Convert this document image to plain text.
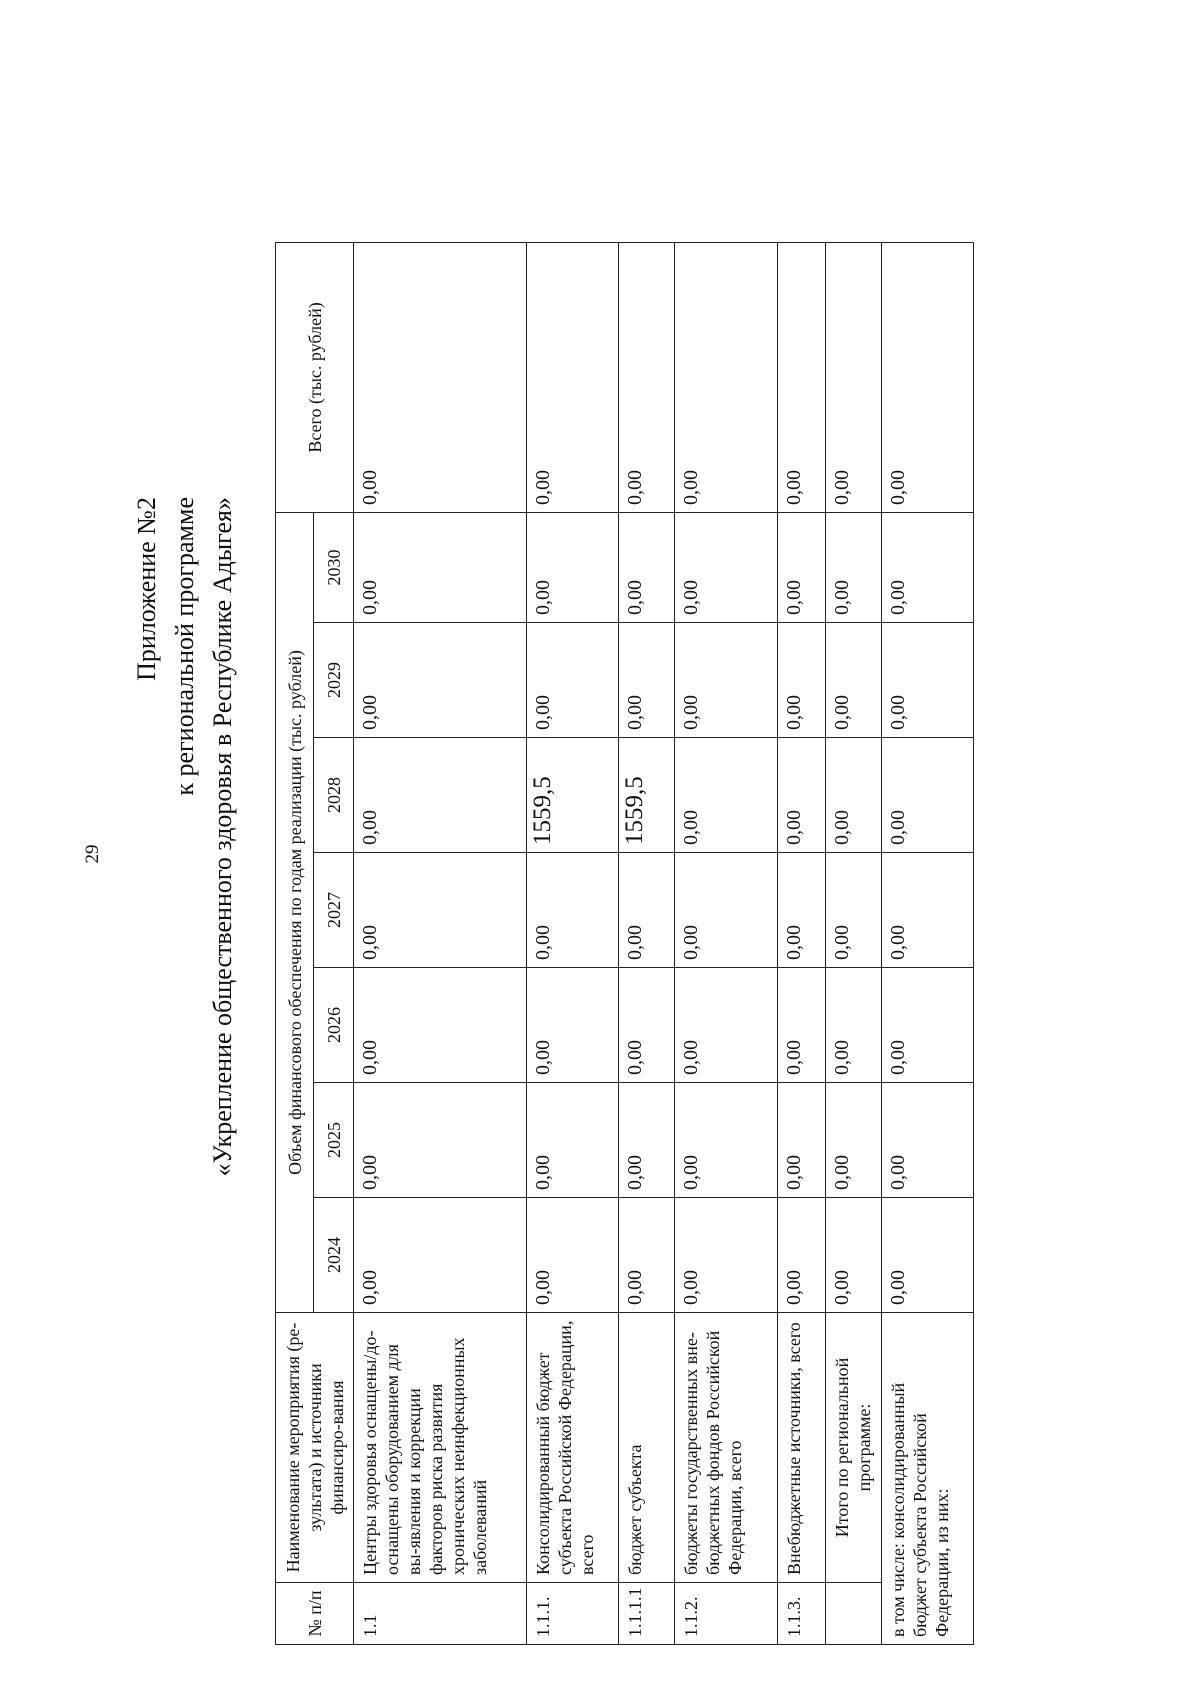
29
Приложение №2 к региональной программе «Укрепление общественного здоровья в Республике Адыгея»
№ п/п	Наименование мероприятия (ре-зультата) и источники финансиро-вания	Объем финансового обеспечения по годам реализации (тыс. рублей)							Всего (тыс. рублей)
		2024	2025	2026	2027	2028	2029	2030	
1.1	Центры здоровья оснащены/до-оснащены оборудованием для вы-явления и коррекции факторов риска развития хронических неинфекционных заболеваний	0,00	0,00	0,00	0,00	0,00	0,00	0,00	0,00
1.1.1.	Консолидированный бюджет субъекта Российской Федерации, всего	0,00	0,00	0,00	0,00	1559,5	0,00	0,00	0,00
1.1.1.1	бюджет субъекта	0,00	0,00	0,00	0,00	1559,5	0,00	0,00	0,00
1.1.2.	бюджеты государственных вне-бюджетных фондов Российской Федерации, всего	0,00	0,00	0,00	0,00	0,00	0,00	0,00	0,00
1.1.3.	Внебюджетные источники, всего	0,00	0,00	0,00	0,00	0,00	0,00	0,00	0,00
	Итого по региональной программе:	0,00	0,00	0,00	0,00	0,00	0,00	0,00	0,00
в том числе: консолидированный бюджет субъекта Российской Федерации, из них:		0,00	0,00	0,00	0,00	0,00	0,00	0,00	0,00
